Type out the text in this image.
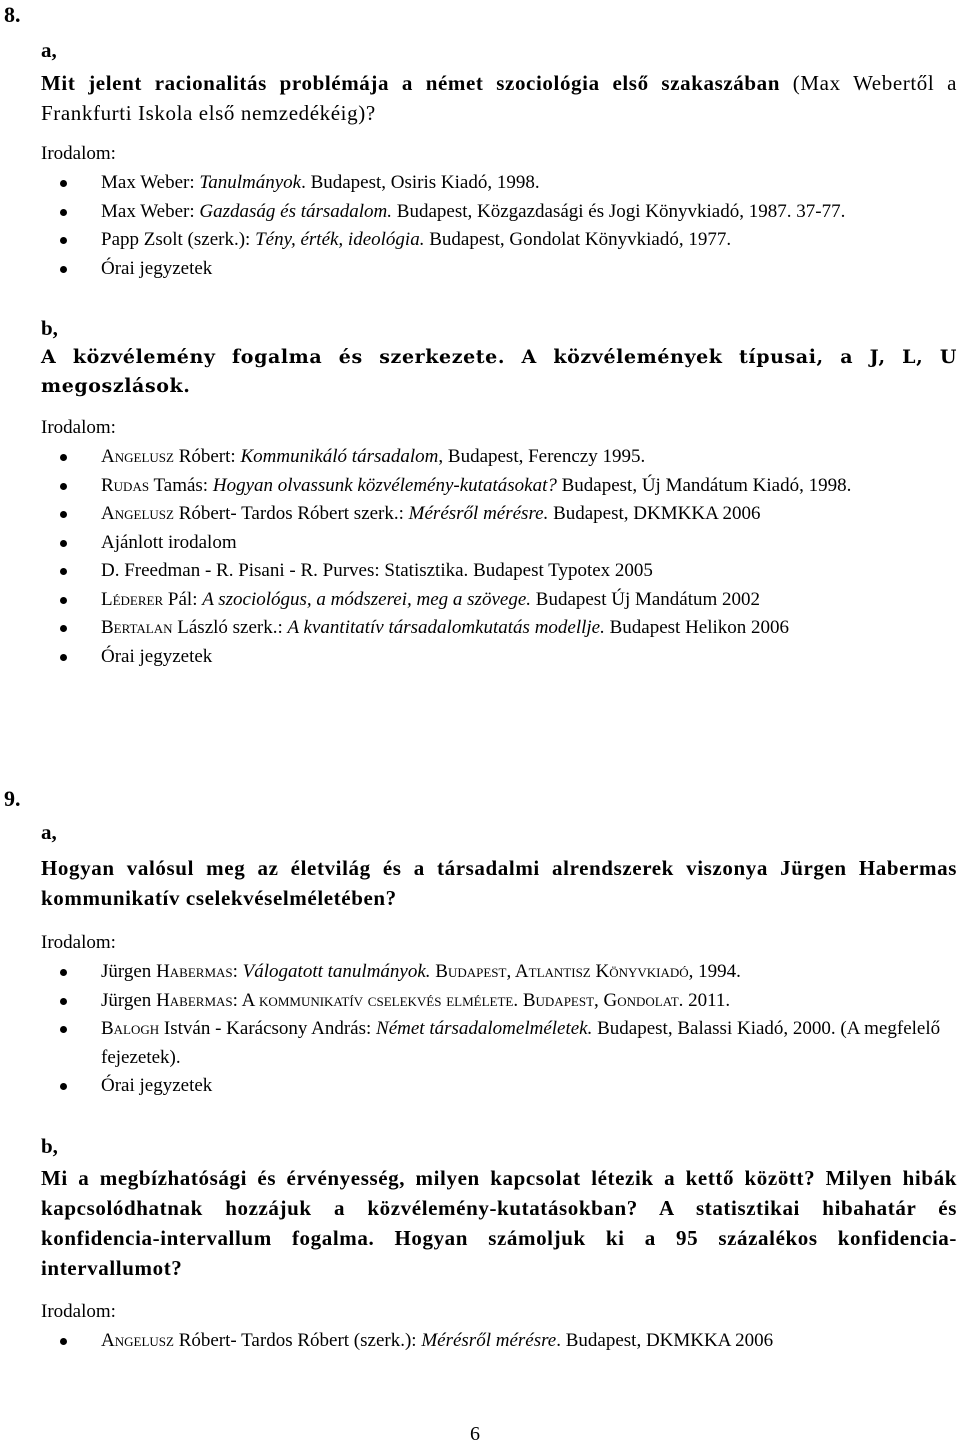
8.
a,
Mit jelent racionalitás problémája a német szociológia első szakaszában (Max Webertől a Frankfurti Iskola első nemzedékéig)?
Irodalom:
Max Weber: Tanulmányok. Budapest, Osiris Kiadó, 1998.
Max Weber: Gazdaság és társadalom. Budapest, Közgazdasági és Jogi Könyvkiadó, 1987. 37-77.
Papp Zsolt (szerk.): Tény, érték, ideológia. Budapest, Gondolat Könyvkiadó, 1977.
Órai jegyzetek
b,
A közvélemény fogalma és szerkezete. A közvélemények típusai, a J, L, U megoszlások.
Irodalom:
Angelusz Róbert: Kommunikáló társadalom, Budapest, Ferenczy 1995.
Rudas Tamás: Hogyan olvassunk közvélemény-kutatásokat? Budapest, Új Mandátum Kiadó, 1998.
Angelusz Róbert- Tardos Róbert szerk.: Mérésről mérésre. Budapest, DKMKKA 2006
Ajánlott irodalom
D. Freedman - R. Pisani - R. Purves: Statisztika. Budapest Typotex 2005
Léderer Pál: A szociológus, a módszerei, meg a szövege. Budapest Új Mandátum 2002
Bertalan László szerk.: A kvantitatív társadalomkutatás modellje. Budapest Helikon 2006
Órai jegyzetek
9.
a,
Hogyan valósul meg az életvilág és a társadalmi alrendszerek viszonya Jürgen Habermas kommunikatív cselekvéselméletében?
Irodalom:
Jürgen Habermas: Válogatott tanulmányok. Budapest, Atlantisz Könyvkiadó, 1994.
Jürgen Habermas: A kommunikatív cselekvés elmélete. Budapest, Gondolat. 2011.
Balogh István - Karácsony András: Német társadalomelméletek. Budapest, Balassi Kiadó, 2000. (A megfelelő fejezetek).
Órai jegyzetek
b,
Mi a megbízhatósági és érvényesség, milyen kapcsolat létezik a kettő között? Milyen hibák kapcsolódhatnak hozzájuk a közvélemény-kutatásokban? A statisztikai hibahatár és konfidencia-intervallum fogalma. Hogyan számoljuk ki a 95 százalékos konfidencia-intervallumot?
Irodalom:
Angelusz Róbert- Tardos Róbert (szerk.): Mérésről mérésre. Budapest, DKMKKA 2006
6
